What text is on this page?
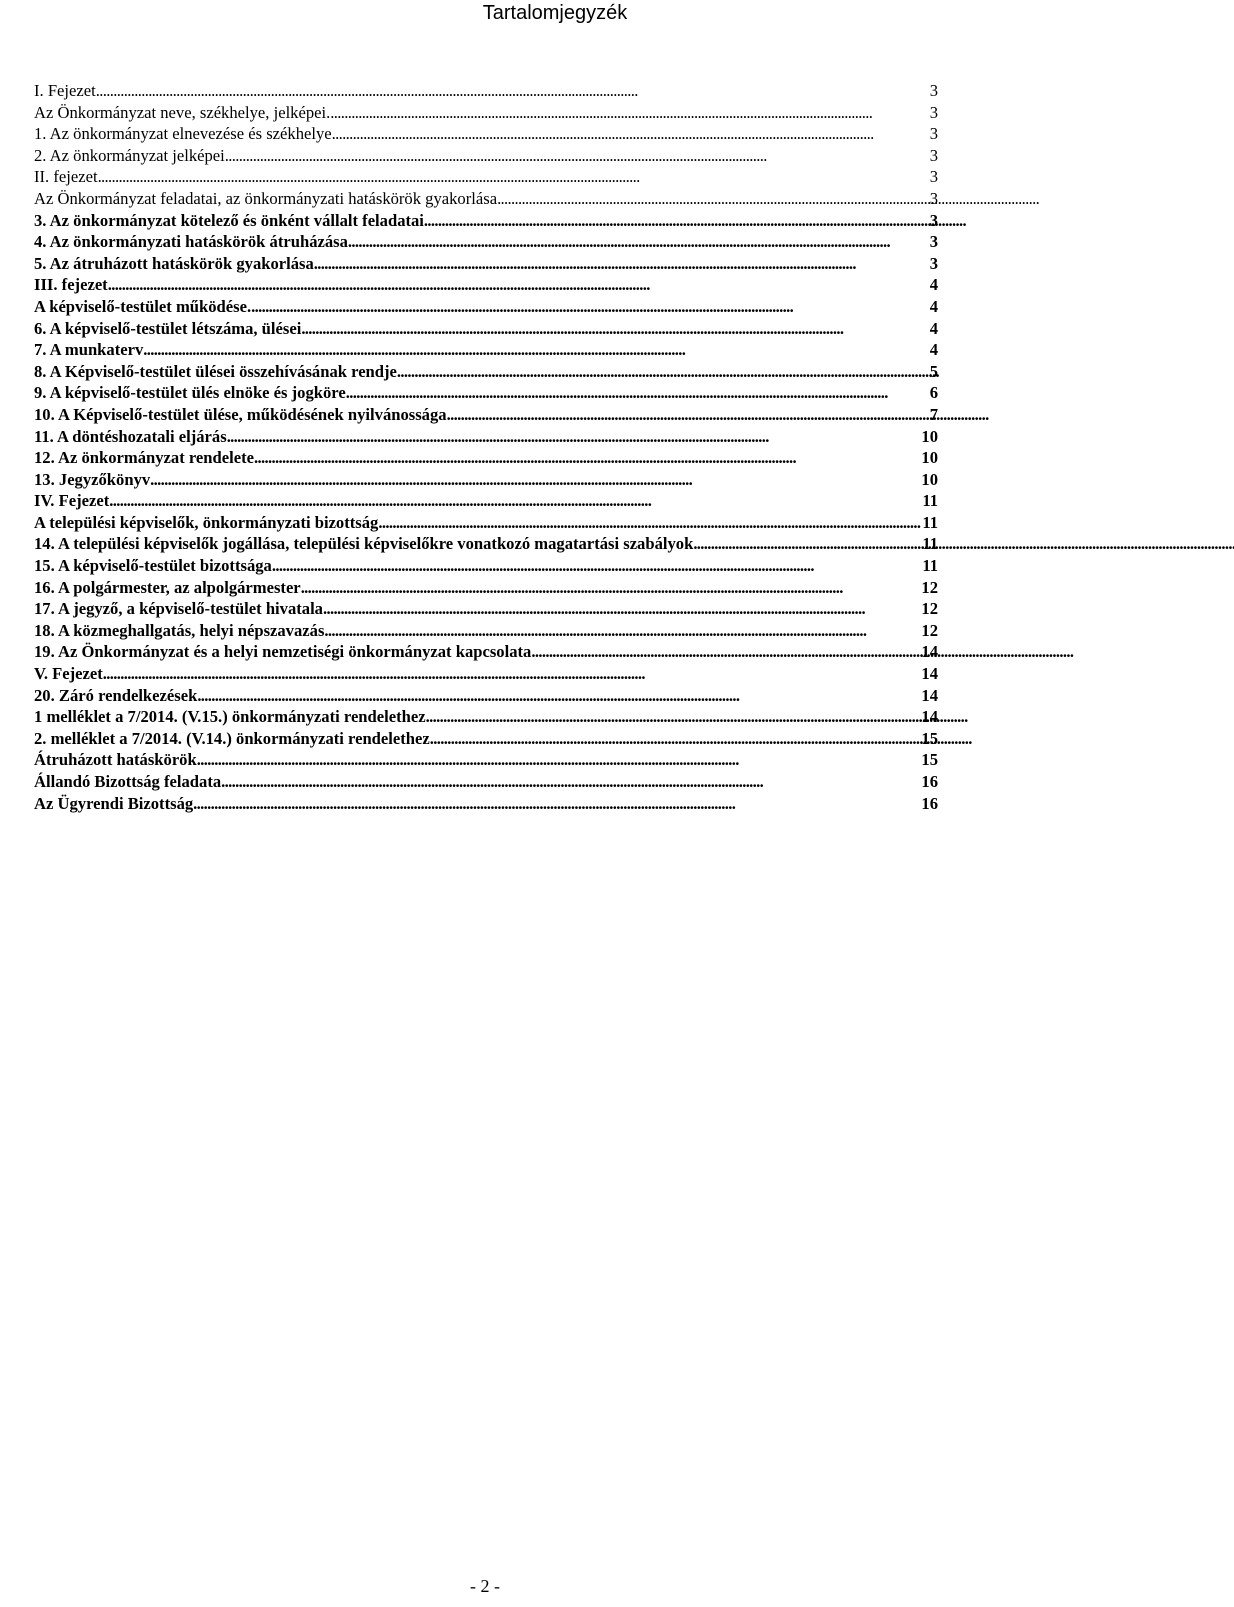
Tartalomjegyzék
I. Fejezet . . .	3
Az Önkormányzat neve, székhelye, jelképei. . . .	3
1. Az önkormányzat elnevezése és székhelye . . .	3
2. Az önkormányzat jelképei . . .	3
II. fejezet . . .	3
Az Önkormányzat feladatai, az önkormányzati hatáskörök gyakorlása . . .	3
3. Az önkormányzat kötelező és önként vállalt feladatai . . .	3
4. Az önkormányzati hatáskörök átruházása . . .	3
5. Az átruházott hatáskörök gyakorlása . . .	3
III. fejezet . . .	4
A képviselő-testület működése. . . .	4
6. A képviselő-testület létszáma, ülései . . .	4
7. A munkaterv . . .	4
8. A Képviselő-testület ülései összehívásának rendje . . .	5
9. A képviselő-testület ülés elnöke és jogköre . . .	6
10. A Képviselő-testület ülése, működésének nyilvánossága . . .	7
11. A döntéshozatali eljárás . . .	10
12. Az önkormányzat rendelete . . .	10
13. Jegyzőkönyv . . .	10
IV. Fejezet . . .	11
A települési képviselők, önkormányzati bizottság . . .	11
14. A települési képviselők jogállása, települési képviselőkre vonatkozó magatartási szabályok . . .	11
15. A képviselő-testület bizottsága . . .	11
16. A polgármester, az alpolgármester . . .	12
17. A jegyző, a képviselő-testület hivatala . . .	12
18. A közmeghallgatás, helyi népszavazás . . .	12
19. Az Önkormányzat és a helyi nemzetiségi önkormányzat kapcsolata . . .	14
V. Fejezet . . .	14
20. Záró rendelkezések . . .	14
1 melléklet a 7/2014. (V.15.) önkormányzati rendelethez . . .	14
2. melléklet a 7/2014. (V.14.) önkormányzati rendelethez . . .	15
Átruházott hatáskörök . . .	15
Állandó Bizottság feladata . . .	16
Az Ügyrendi Bizottság . . .	16
- 2 -
